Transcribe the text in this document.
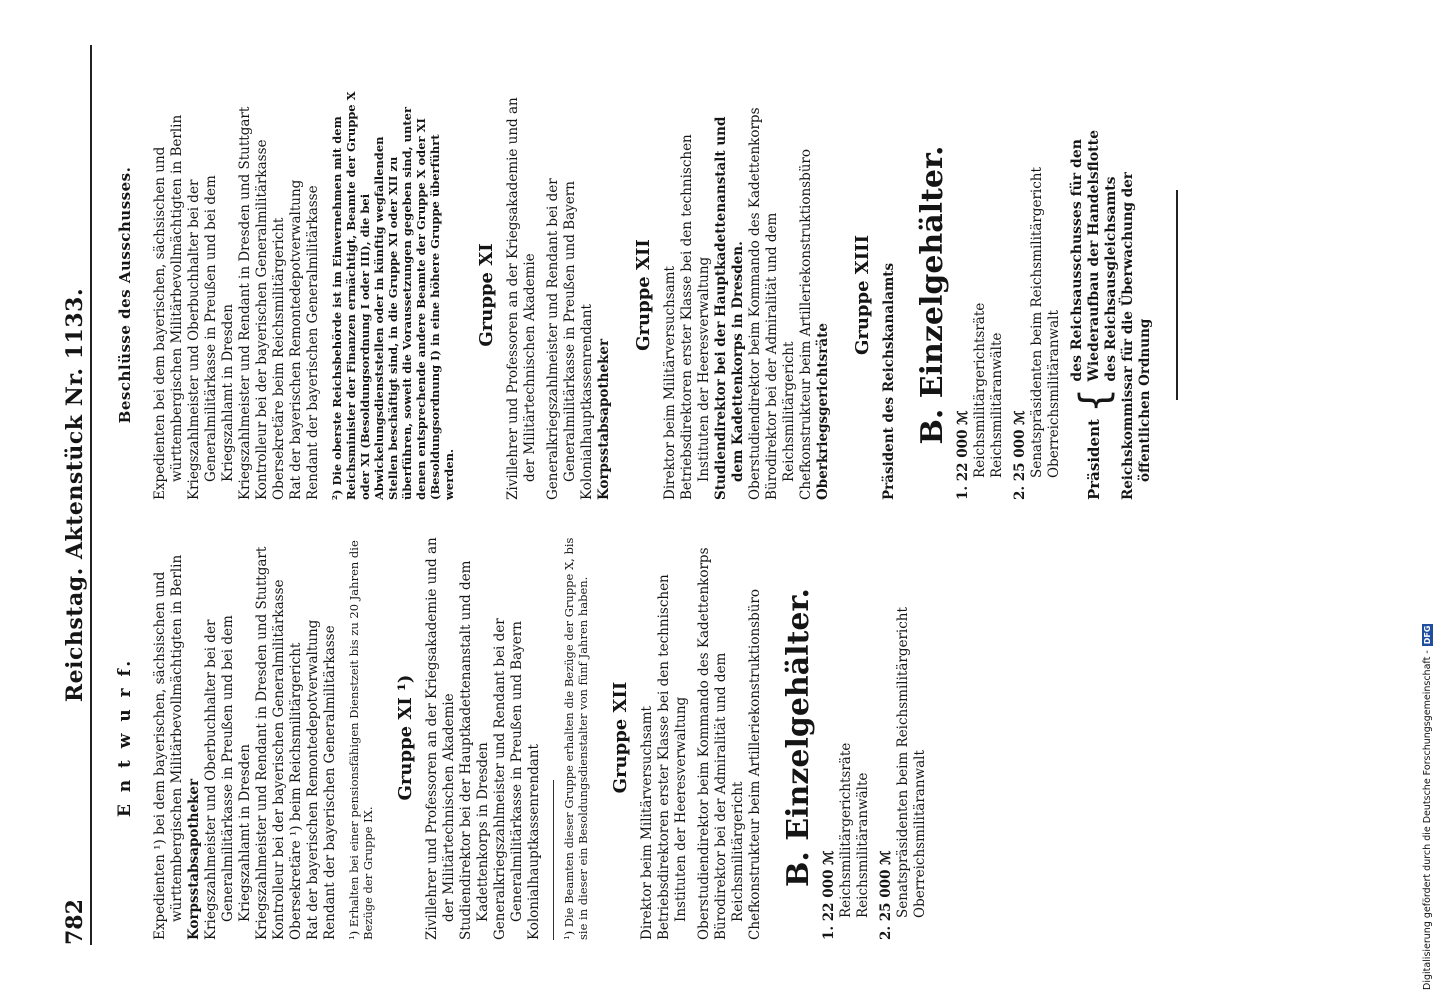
782
Reichstag. Aktenstück Nr. 1133.
E n t w u r f. Expedienten ¹) bei dem bayerischen, sächsischen und württembergischen Militärbevollmächtigten in Berlin Korpsstabsapotheker Kriegszahlmeister und Oberbuchhalter bei der Generalmilitärkasse in Preußen und bei dem Kriegszahlamt in Dresden Kriegszahlmeister und Rendant in Dresden und Stuttgart Kontrolleur bei der bayerischen Generalmilitärkasse Obersekretäre ¹) beim Reichsmilitärgericht Rat der bayerischen Remontedepotverwaltung Rendant der bayerischen Generalmilitärkasse ¹) Erhalten bei einer pensionsfähigen Dienstzeit bis zu 20 Jahren die Bezüge der Gruppe IX.
Gruppe XI ¹) Zivillehrer und Professoren an der Kriegsakademie und an der Militärtechnischen Akademie Studiendirektor bei der Hauptkadettenanstalt und dem Kadettenkorps in Dresden Generalkriegszahlmeister und Rendant bei der Generalmilitärkasse in Preußen und Bayern Kolonialhauptkassenrendant ¹) Die Beamten dieser Gruppe erhalten die Bezüge der Gruppe X, bis sie in dieser ein Besoldungsdienstalter von fünf Jahren haben. Gruppe XII Direktor beim Militärversuchsamt Betriebsdirektoren erster Klasse bei den technischen Instituten der Heeresverwaltung Oberstudiendirektor beim Kommando des Kadettenkorps Bürodirektor bei der Admiralität und dem Reichsmilitärgericht Chefkonstrukteur beim Artilleriekonstruktionsbüro B. Einzelgehälter.
1. 22 000 ℳ Reichsmilitärgerichtsräte Reichsmilitäranwälte 2. 25 000 ℳ Senatspräsidenten beim Reichsmilitärgericht Oberreichsmilitäranwalt
Beschlüsse des Ausschusses. Expedienten bei dem bayerischen, sächsischen und württembergischen Militärbevollmächtigten in Berlin Kriegszahlmeister und Oberbuchhalter bei der Generalmilitärkasse in Preußen und bei dem Kriegszahlamt in Dresden Kriegszahlmeister und Rendant in Dresden und Stuttgart Kontrolleur bei der bayerischen Generalmilitärkasse Obersekretäre beim Reichsmilitärgericht Rat der bayerischen Remontedepotverwaltung Rendant der bayerischen Generalmilitärkasse ²) Die oberste Reichsbehörde ist im Einvernehmen mit dem Reichsminister der Finanzen ermächtigt, Beamte der Gruppe X oder XI (Besoldungsordnung I oder III), die bei Abwickelungsdienststellen oder in künftig wegfallenden Stellen beschäftigt sind, in die Gruppe XI oder XII zu überführen, soweit die Voraussetzungen gegeben sind, unter denen entsprechende andere Beamte der Gruppe X oder XI (Besoldungsordnung I) in eine höhere Gruppe überführt werden.
Gruppe XI Zivillehrer und Professoren an der Kriegsakademie und an der Militärtechnischen Akademie Generalkriegszahlmeister und Rendant bei der Generalmilitärkasse in Preußen und Bayern Kolonialhauptkassenrendant Korpsstabsapotheker
Gruppe XII Direktor beim Militärversuchsamt Betriebsdirektoren erster Klasse bei den technischen Instituten der Heeresverwaltung Studiendirektor bei der Hauptkadettenanstalt und dem Kadettenkorps in Dresden. Oberstudiendirektor beim Kommando des Kadettenkorps Bürodirektor bei der Admiralität und dem Reichsmilitärgericht Chefkonstrukteur beim Artilleriekonstruktionsbüro Oberkriegsgerichtsräte
Gruppe XIII Präsident des Reichskanalamts B. Einzelgehälter.
1. 22 000 ℳ Reichsmilitärgerichtsräte Reichsmilitäranwälte 2. 25 000 ℳ Senatspräsidenten beim Reichsmilitärgericht Oberreichsmilitäranwalt Präsident
{
des Reichsausschusses für den Wiederaufbau der Handelsflotte des Reichsausgleichsamts Reichskommissar für die Überwachung der öffentlichen Ordnung
Digitalisierung gefördert durch die Deutsche Forschungsgemeinschaft -
DFG
